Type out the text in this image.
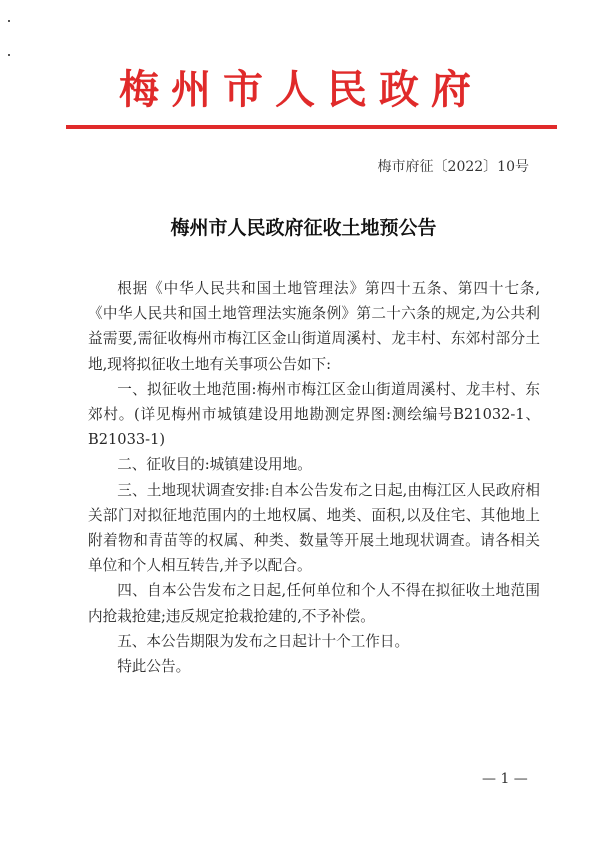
梅州市人民政府
梅市府征〔2022〕10号
梅州市人民政府征收土地预公告

根据《中华人民共和国土地管理法》第四十五条、第四十七条,《中华人民共和国土地管理法实施条例》第二十六条的规定,为公共利益需要,需征收梅州市梅江区金山街道周溪村、龙丰村、东郊村部分土地,现将拟征收土地有关事项公告如下:

一、拟征收土地范围:梅州市梅江区金山街道周溪村、龙丰村、东郊村。(详见梅州市城镇建设用地勘测定界图:测绘编号B21032-1、B21033-1)

二、征收目的:城镇建设用地。

三、土地现状调查安排:自本公告发布之日起,由梅江区人民政府相关部门对拟征地范围内的土地权属、地类、面积,以及住宅、其他地上附着物和青苗等的权属、种类、数量等开展土地现状调查。请各相关单位和个人相互转告,并予以配合。

四、自本公告发布之日起,任何单位和个人不得在拟征收土地范围内抢栽抢建;违反规定抢栽抢建的,不予补偿。

五、本公告期限为发布之日起计十个工作日。

特此公告。

— 1 —
